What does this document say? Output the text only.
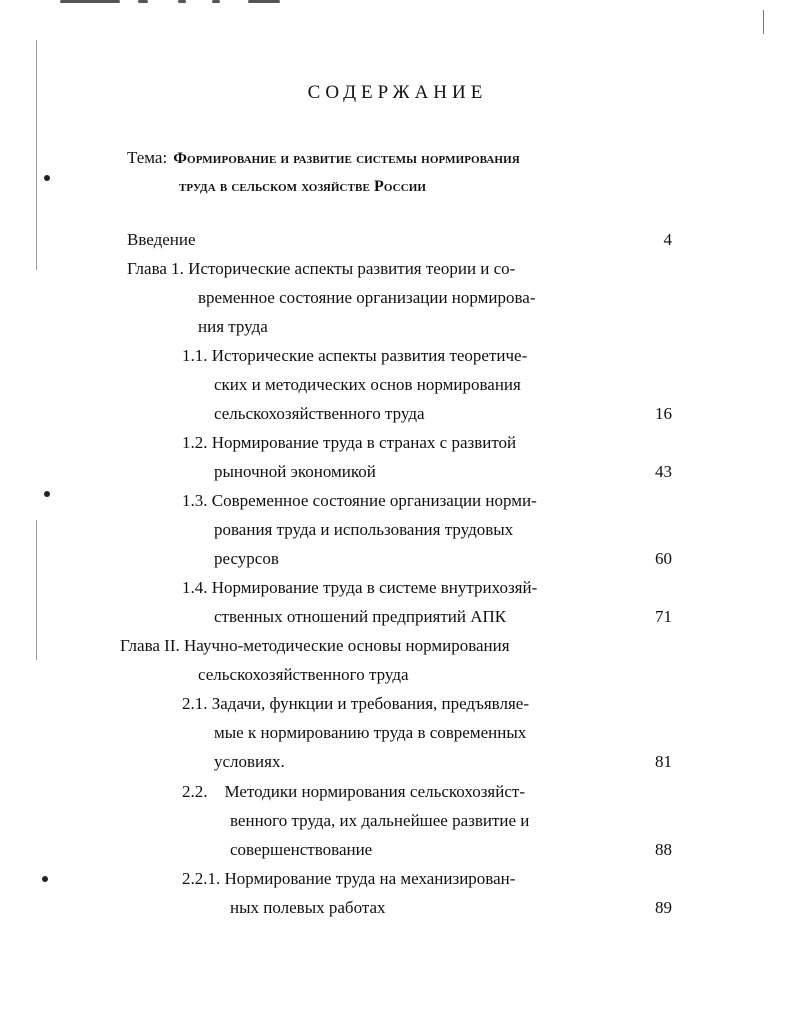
СОДЕРЖАНИЕ
Тема: Формирование и развитие системы нормирования
труда в сельском хозяйстве России
Введение
Глава 1. Исторические аспекты развития теории и со-
временное состояние организации нормирова-
ния труда
1.1. Исторические аспекты развития теоретиче-
ских и методических основ нормирования
сельскохозяйственного труда
1.2. Нормирование труда в странах с развитой
рыночной экономикой
1.3. Современное состояние организации норми-
рования труда и использования трудовых
ресурсов
1.4. Нормирование труда в системе внутрихозяй-
ственных отношений предприятий АПК
Глава II. Научно-методические основы нормирования
сельскохозяйственного труда
2.1. Задачи, функции и требования, предъявляе-
мые к нормированию труда в современных
условиях.
2.2.    Методики нормирования сельскохозяйст-
венного труда, их дальнейшее развитие и
совершенствование
2.2.1. Нормирование труда на механизирован-
ных полевых работах
4
16
43
60
71
81
88
89
